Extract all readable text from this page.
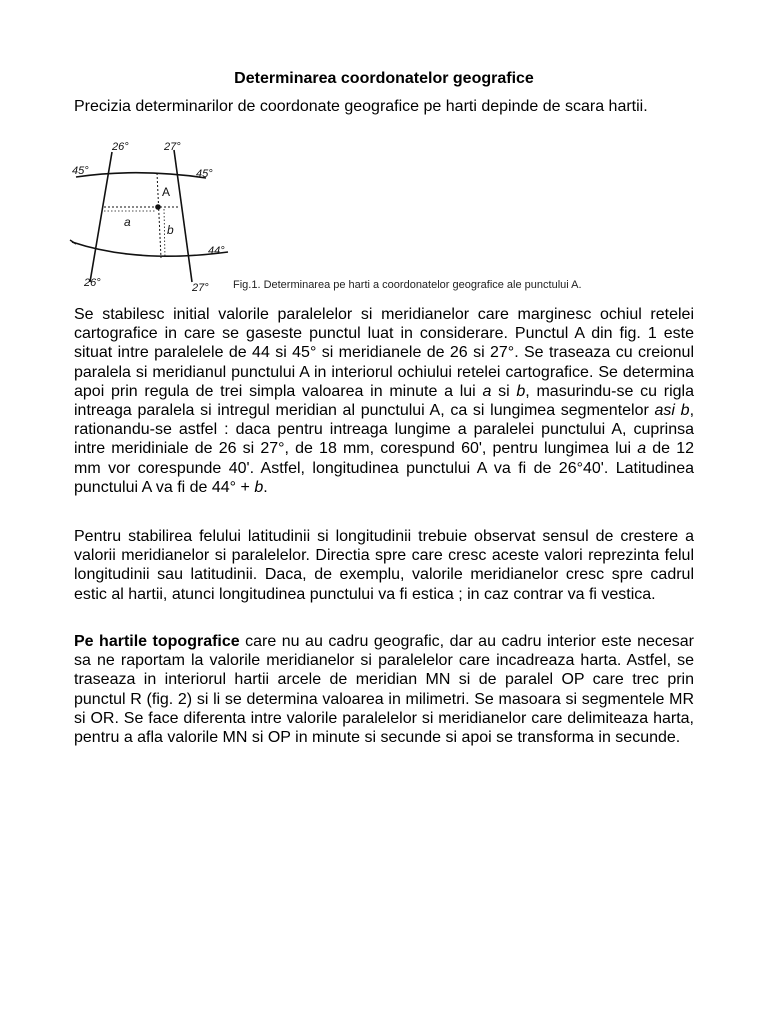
Determinarea coordonatelor geografice

Precizia determinarilor de coordonate geografice pe harti depinde de scara hartii.

26°	27°
45°	45°
44°
26°	27°
A
a
b
Fig.1. Determinarea pe harti a coordonatelor geografice ale punctului A.

Se stabilesc initial valorile paralelelor si meridianelor care marginesc ochiul retelei cartografice in care se gaseste punctul luat in considerare. Punctul A din fig. 1 este situat intre paralelele de 44 si 45° si meridianele de 26 si 27°. Se traseaza cu creionul paralela si meridianul punctului A in interiorul ochiului retelei cartografice. Se determina apoi prin regula de trei simpla valoarea in minute a lui a si b, masurindu-se cu rigla intreaga paralela si intregul meridian al punctului A, ca si lungimea segmentelor asi b, rationandu-se astfel : daca pentru intreaga lungime a paralelei punctului A, cuprinsa intre meridiniale de 26 si 27°, de 18 mm, corespund 60', pentru lungimea lui a de 12 mm vor corespunde 40'. Astfel, longitudinea punctului A va fi de 26°40'. Latitudinea punctului A va fi de 44° + b.

Pentru stabilirea felului latitudinii si longitudinii trebuie observat sensul de crestere a valorii meridianelor si paralelelor. Directia spre care cresc aceste valori reprezinta felul longitudinii sau latitudinii. Daca, de exemplu, valorile meridianelor cresc spre cadrul estic al hartii, atunci longitudinea punctului va fi estica ; in caz contrar va fi vestica.

Pe hartile topografice care nu au cadru geografic, dar au cadru interior este necesar sa ne raportam la valorile meridianelor si paralelelor care incadreaza harta. Astfel, se traseaza in interiorul hartii arcele de meridian MN si de paralel OP care trec prin punctul R (fig. 2) si li se determina valoarea in milimetri. Se masoara si segmentele MR si OR. Se face diferenta intre valorile paralelelor si meridianelor care delimiteaza harta, pentru a afla valorile MN si OP in minute si secunde si apoi se transforma in secunde.
